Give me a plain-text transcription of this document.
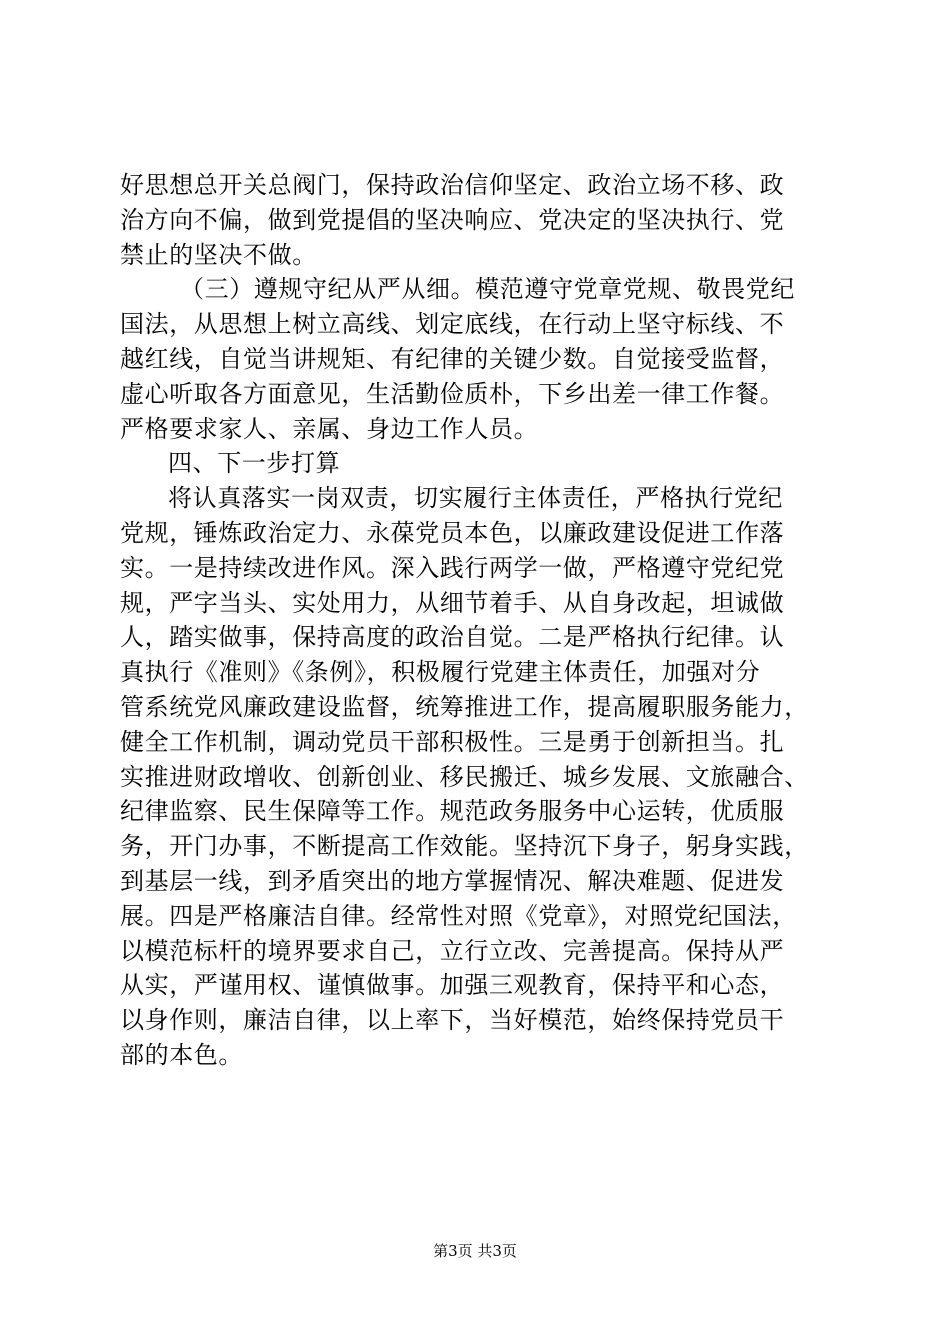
好思想总开关总阀门，保持政治信仰坚定、政治立场不移、政
治方向不偏，做到党提倡的坚决响应、党决定的坚决执行、党
禁止的坚决不做。
（三）遵规守纪从严从细。模范遵守党章党规、敬畏党纪
国法，从思想上树立高线、划定底线，在行动上坚守标线、不
越红线，自觉当讲规矩、有纪律的关键少数。自觉接受监督，
虚心听取各方面意见，生活勤俭质朴，下乡出差一律工作餐。
严格要求家人、亲属、身边工作人员。
四、下一步打算
将认真落实一岗双责，切实履行主体责任，严格执行党纪
党规，锤炼政治定力、永葆党员本色，以廉政建设促进工作落
实。一是持续改进作风。深入践行两学一做，严格遵守党纪党
规，严字当头、实处用力，从细节着手、从自身改起，坦诚做
人，踏实做事，保持高度的政治自觉。二是严格执行纪律。认
真执行《准则》《条例》，积极履行党建主体责任，加强对分
管系统党风廉政建设监督，统筹推进工作，提高履职服务能力，
健全工作机制，调动党员干部积极性。三是勇于创新担当。扎
实推进财政增收、创新创业、移民搬迁、城乡发展、文旅融合、
纪律监察、民生保障等工作。规范政务服务中心运转，优质服
务，开门办事，不断提高工作效能。坚持沉下身子，躬身实践，
到基层一线，到矛盾突出的地方掌握情况、解决难题、促进发
展。四是严格廉洁自律。经常性对照《党章》，对照党纪国法，
以模范标杆的境界要求自己，立行立改、完善提高。保持从严
从实，严谨用权、谨慎做事。加强三观教育，保持平和心态，
以身作则，廉洁自律，以上率下，当好模范，始终保持党员干
部的本色。
第3页 共3页
